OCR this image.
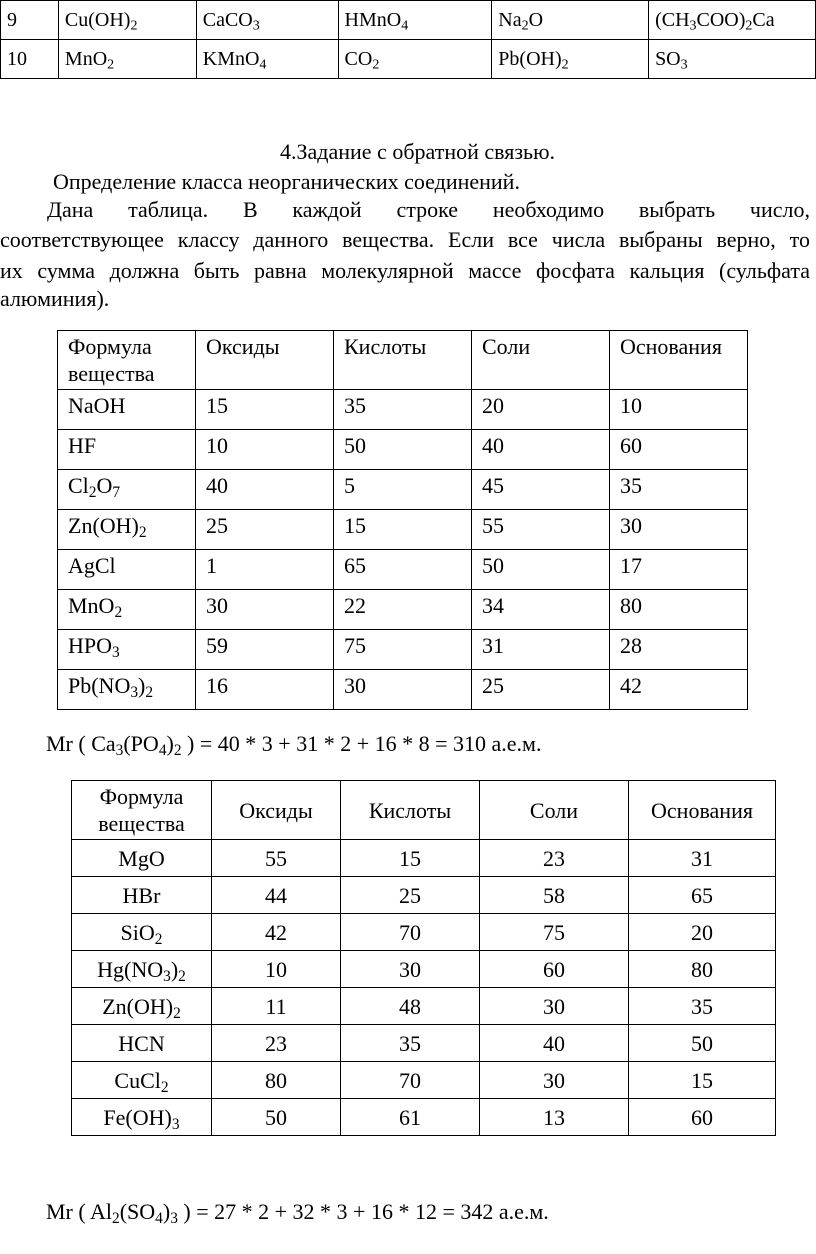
9	$Cu(OH)_2$	CaCO$_3$	HMnO$_4$	$Na_2O$	$(CH_3COO)_2Ca$
10	MnO$_2$	KMnO$_4$	$CO_2$	$Pb(OH)_2$	$SO_3$
4.Задание с обратной связью.
Определение класса неорганических соединений.
Дана таблица. В каждой строке необходимо выбрать число,
соответствующее классу данного вещества. Если все числа выбраны верно, то
их сумма должна быть равна молекулярной массе фосфата кальция (сульфата
алюминия).
Формула вещества	Оксиды	Кислоты	Соли	Основания
NaOH	15	35	20	10
HF	10	50	40	60
$Cl_2O_7$	40	5	45	35
$Zn(OH)_2$	25	15	55	30
AgCl	1	65	50	17
MnO$_2$	30	22	34	80
$HPO_3$	59	75	31	28
$Pb(NO_3)_2$	16	30	25	42
Mr ( $Ca_3(PO_4)_2$ ) = 40 * 3 + 31 * 2 + 16 * 8 = 310 а.е.м.
Формула вещества	Оксиды	Кислоты	Соли	Основания
MgO	55	15	23	31
HBr	44	25	58	65
SiO$_2$	42	70	75	20
$Hg(NO_3)_2$	10	30	60	80
$Zn(OH)_2$	11	48	30	35
HCN	23	35	40	50
CuCl$_2$	80	70	30	15
$Fe(OH)_3$	50	61	13	60
Mr ( $Al_2(SO_4)_3$ ) = 27 * 2 + 32 * 3 + 16 * 12 = 342 а.е.м.
